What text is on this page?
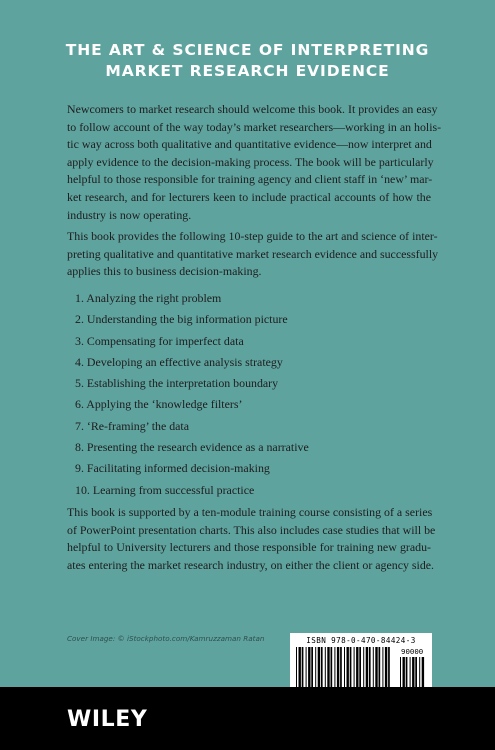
THE ART & SCIENCE OF INTERPRETING
MARKET RESEARCH EVIDENCE
Newcomers to market research should welcome this book. It provides an easy
to follow account of the way today’s market researchers—working in an holis-
tic way across both qualitative and quantitative evidence—now interpret and
apply evidence to the decision-making process. The book will be particularly
helpful to those responsible for training agency and client staff in ‘new’ mar-
ket research, and for lecturers keen to include practical accounts of how the
industry is now operating.
This book provides the following 10-step guide to the art and science of inter-
preting qualitative and quantitative market research evidence and successfully
applies this to business decision-making.
1. Analyzing the right problem
2. Understanding the big information picture
3. Compensating for imperfect data
4. Developing an effective analysis strategy
5. Establishing the interpretation boundary
6. Applying the ‘knowledge filters’
7. ‘Re-framing’ the data
8. Presenting the research evidence as a narrative
9. Facilitating informed decision-making
10. Learning from successful practice
This book is supported by a ten-module training course consisting of a series
of PowerPoint presentation charts. This also includes case studies that will be
helpful to University lecturers and those responsible for training new gradu-
ates entering the market research industry, on either the client or agency side.
Cover Image: © iStockphoto.com/Kamruzzaman Ratan	ISBN 978-0-470-84424-3
90000
WILEY
